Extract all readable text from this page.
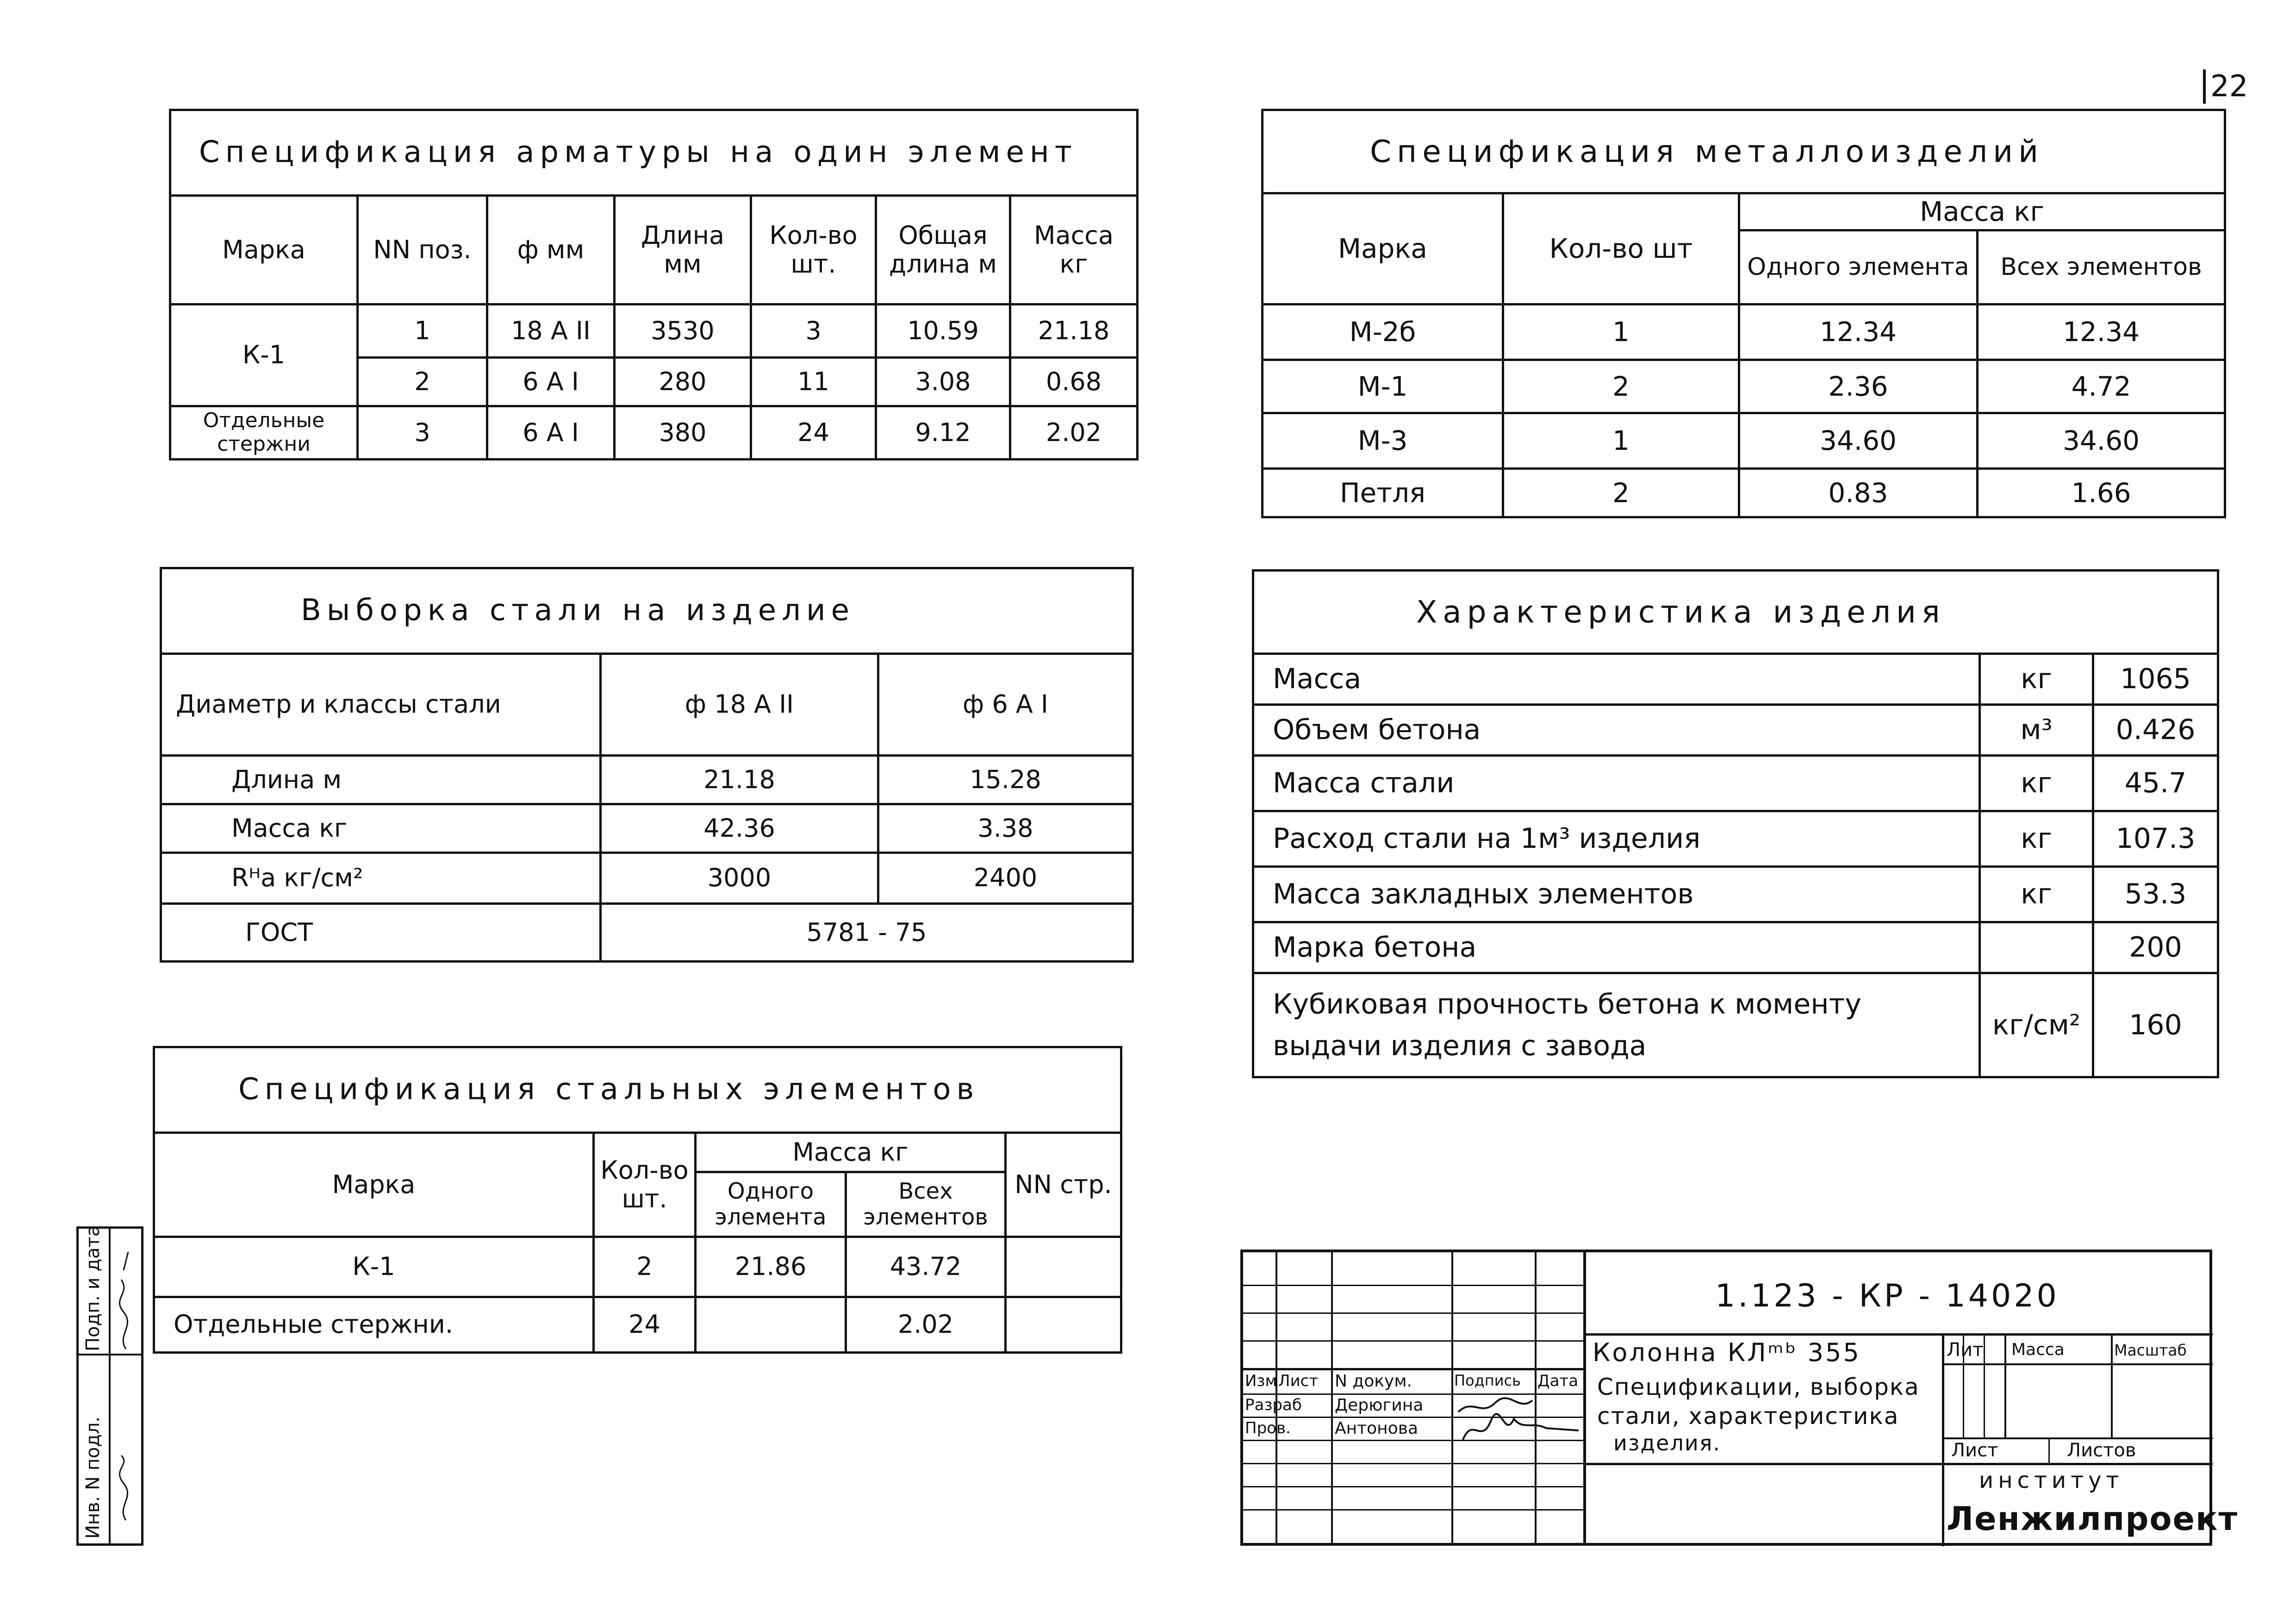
22
Спецификация арматуры на один элемент						
Марка	NN поз.	ф мм	Длина мм	Кол-во шт.	Общая длина м	Масса кг
К-1	1	18 А II	3530	3	10.59	21.18
	2	6 А I	280	11	3.08	0.68
Отдельные стержни	3	6 А I	380	24	9.12	2.02
Выборка стали на изделие		
Диаметр и классы стали	ф 18 А II	ф 6 А I
Длина м	21.18	15.28
Масса кг	42.36	3.38
Rᴴa кг/см²	3000	2400
ГОСТ	5781 - 75	
Спецификация стальных элементов				
Марка	Кол-во шт.	Масса кг		NN стр.
		Одного элемента	Всех элементов	
К-1	2	21.86	43.72	
Отдельные стержни.	24		2.02	
Спецификация металлоизделий			
Марка	Кол-во шт	Масса кг	
		Одного элемента	Всех элементов
М-2б	1	12.34	12.34
М-1	2	2.36	4.72
М-3	1	34.60	34.60
Петля	2	0.83	1.66
Характеристика изделия		
Масса	кг	1065
Объем бетона	м³	0.426
Масса стали	кг	45.7
Расход стали на 1м³ изделия	кг	107.3
Масса закладных элементов	кг	53.3
Марка бетона		200
Кубиковая прочность бетона к моменту выдачи изделия с завода	кг/см²	160
Изм Лист N докум.	Подпись Дата
Разраб Дерюгина
Пров.	Антонова
Лит Масса	Масштаб
Лист	Листов
1.123 - КР - 14020
Колонна КЛᵐᵇ 355
Спецификации, выборка
стали, характеристика
изделия.
институт
Ленжилпроект
Инв. N подл.
Подп. и дата
